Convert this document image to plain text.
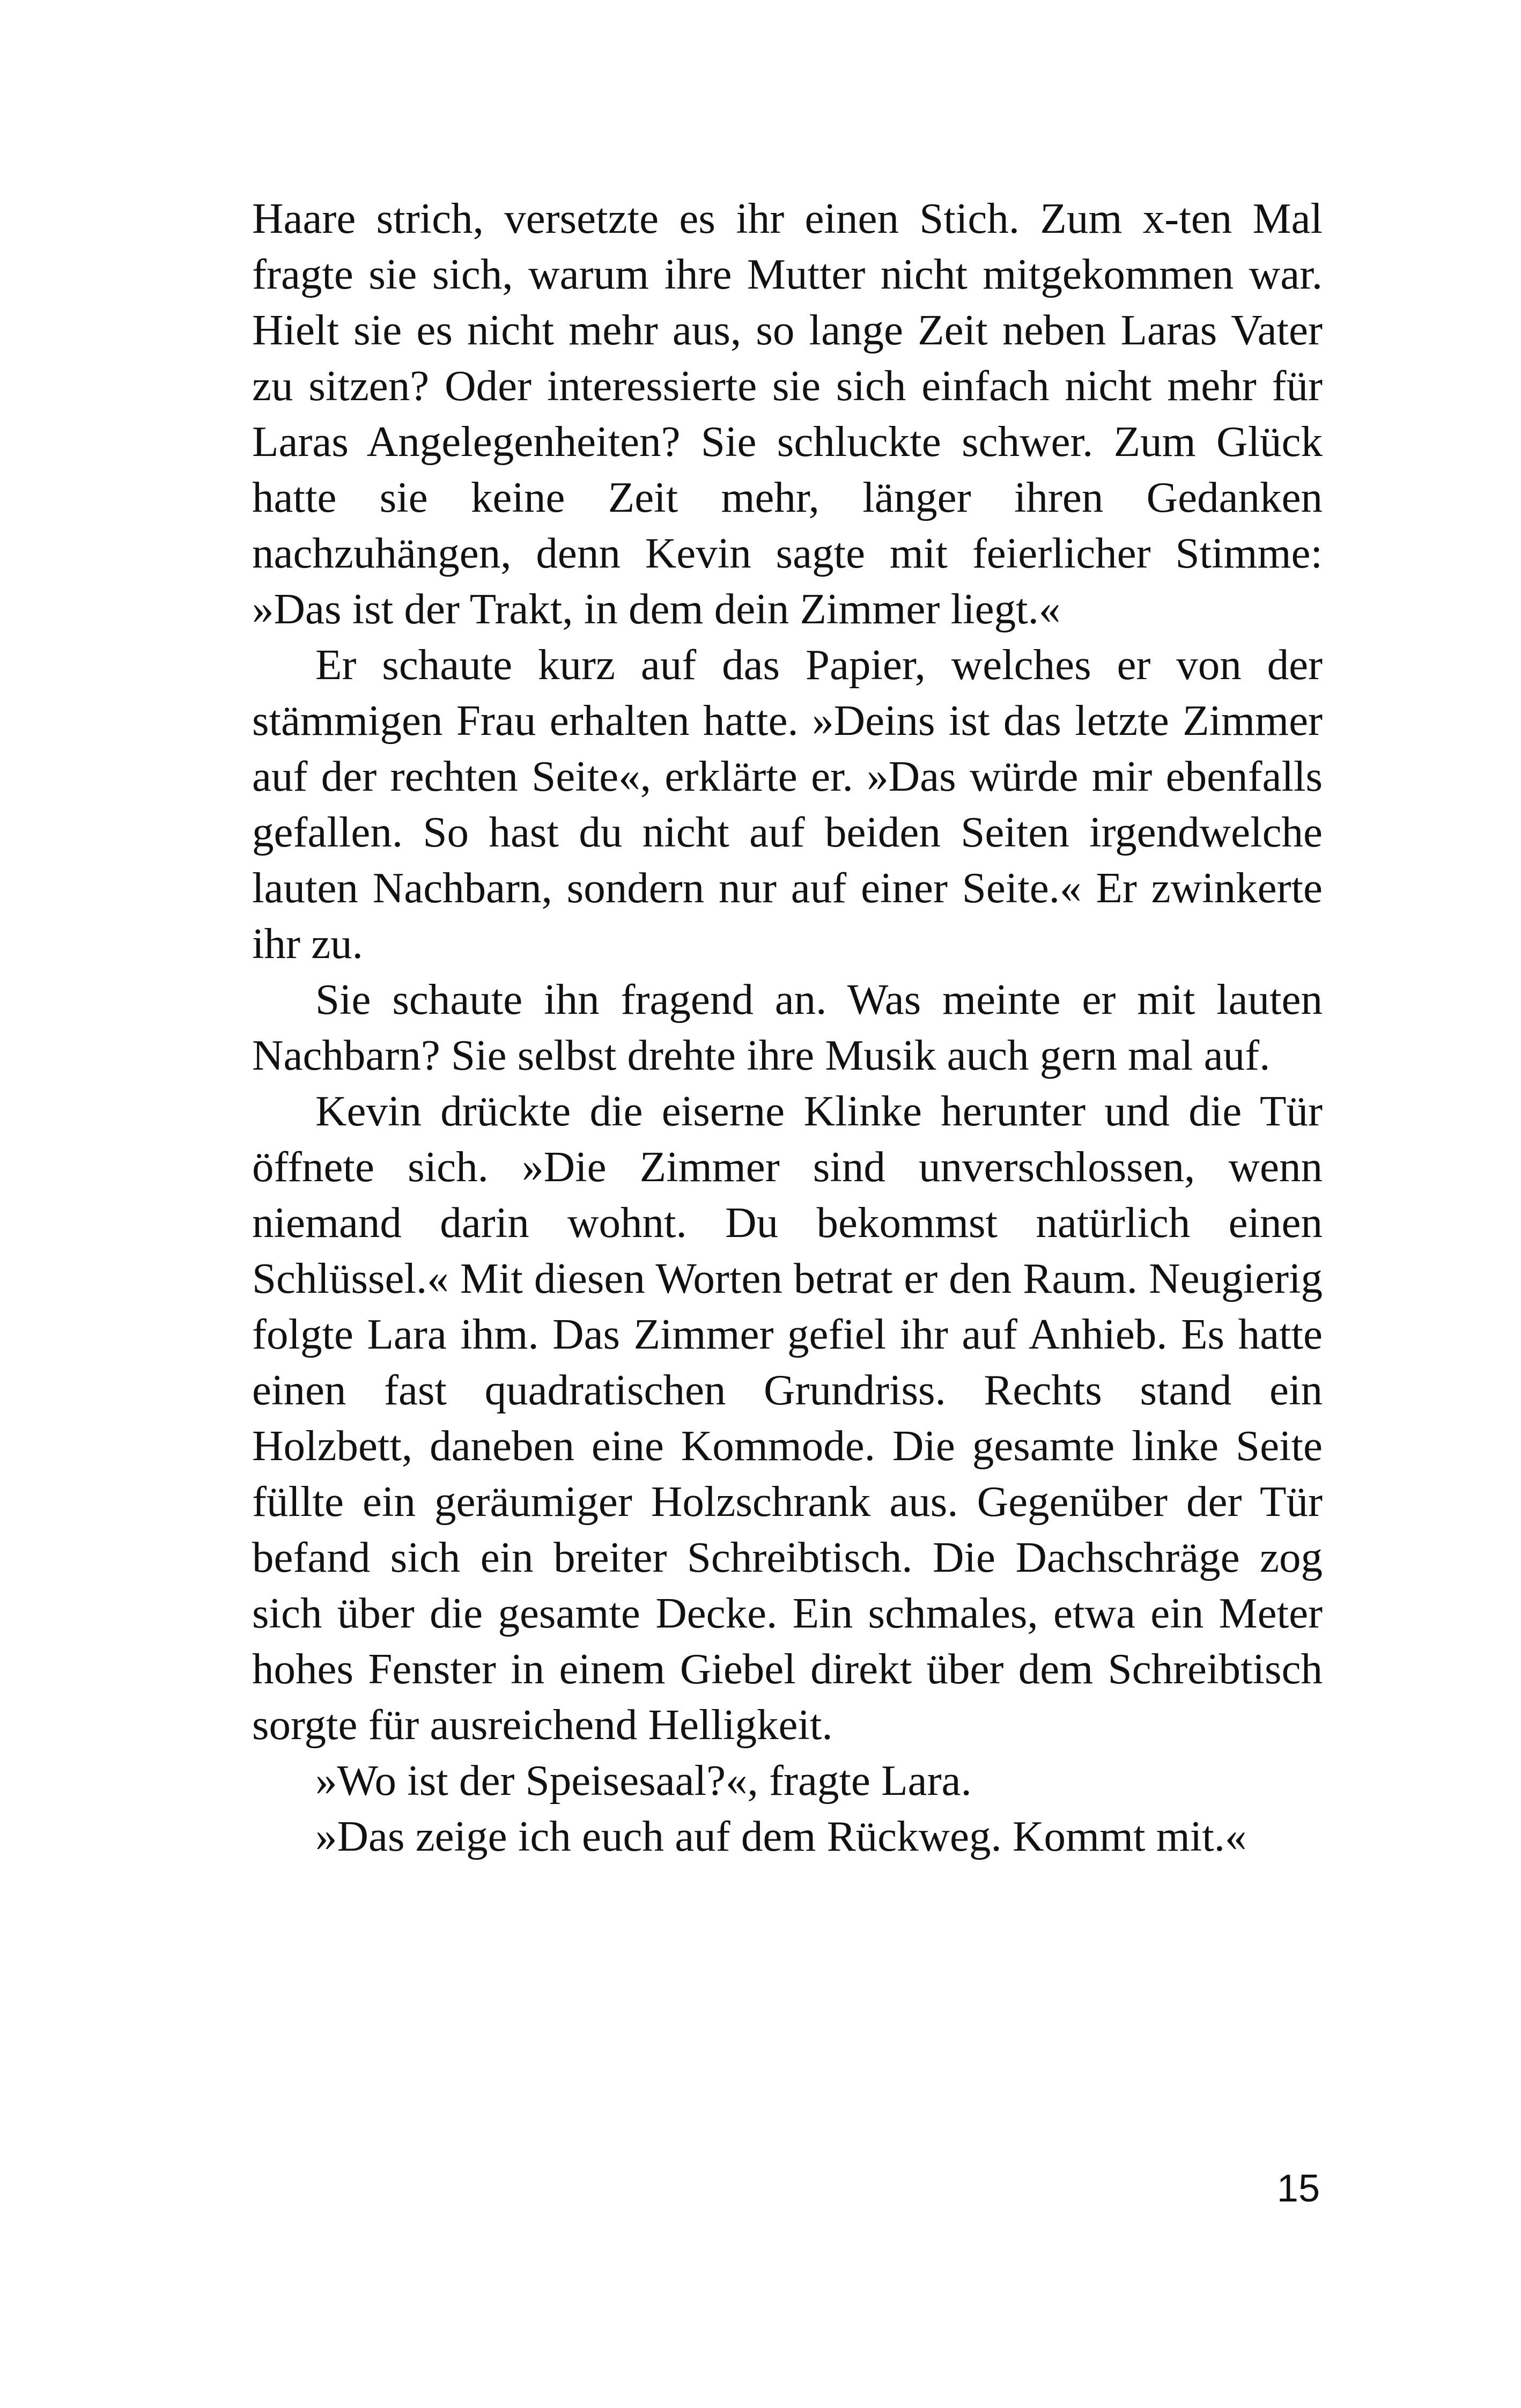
Haare strich, versetzte es ihr einen Stich. Zum x-ten Mal fragte sie sich, warum ihre Mutter nicht mitgekommen war. Hielt sie es nicht mehr aus, so lange Zeit neben Laras Vater zu sitzen? Oder interessierte sie sich einfach nicht mehr für Laras Angelegenheiten? Sie schluckte schwer. Zum Glück hatte sie keine Zeit mehr, länger ihren Gedanken nachzuhängen, denn Kevin sagte mit feierlicher Stimme: »Das ist der Trakt, in dem dein Zimmer liegt.«

Er schaute kurz auf das Papier, welches er von der stämmigen Frau erhalten hatte. »Deins ist das letzte Zimmer auf der rechten Seite«, erklärte er. »Das würde mir ebenfalls gefallen. So hast du nicht auf beiden Seiten irgendwelche lauten Nachbarn, sondern nur auf einer Seite.« Er zwinkerte ihr zu.

Sie schaute ihn fragend an. Was meinte er mit lauten Nachbarn? Sie selbst drehte ihre Musik auch gern mal auf.

Kevin drückte die eiserne Klinke herunter und die Tür öffnete sich. »Die Zimmer sind unverschlossen, wenn niemand darin wohnt. Du bekommst natürlich einen Schlüssel.« Mit diesen Worten betrat er den Raum. Neugierig folgte Lara ihm. Das Zimmer gefiel ihr auf Anhieb. Es hatte einen fast quadratischen Grundriss. Rechts stand ein Holzbett, daneben eine Kommode. Die gesamte linke Seite füllte ein geräumiger Holzschrank aus. Gegenüber der Tür befand sich ein breiter Schreibtisch. Die Dachschräge zog sich über die gesamte Decke. Ein schmales, etwa ein Meter hohes Fenster in einem Giebel direkt über dem Schreibtisch sorgte für ausreichend Helligkeit.

»Wo ist der Speisesaal?«, fragte Lara.

»Das zeige ich euch auf dem Rückweg. Kommt mit.«

15
